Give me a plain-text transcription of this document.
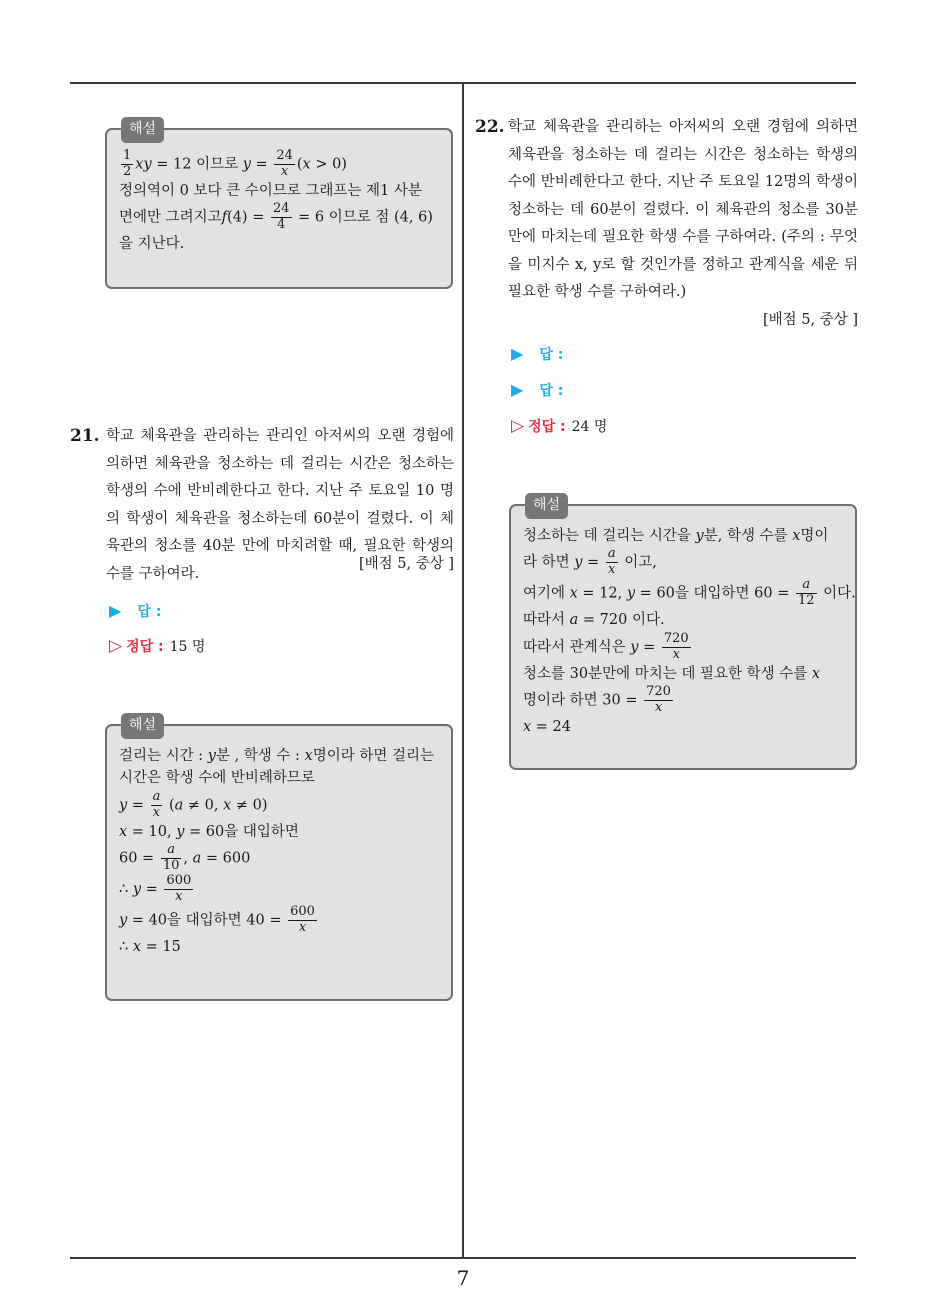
해설
$\frac{1}{2}$ xy = 12 이므로 $y = \frac{24}{x} (x > 0)$
정의역이 0 보다 큰 수이므로 그래프는 제1 사분
면에만 그려지고$f(4) = \frac{24}{4} = 6$ 이므로 점 (4, 6)
을 지난다.
21. 학교 체육관을 관리하는 관리인 아저씨의 오랜 경험에 의하면 체육관을 청소하는 데 걸리는 시간은 청소하는 학생의 수에 반비례한다고 한다. 지난 주 토요일 10 명의 학생이 체육관을 청소하는데 60분이 걸렸다. 이 체육관의 청소를 40분 만에 마치려할 때, 필요한 학생의 수를 구하여라.
▶ 답 :
▷ 정답 : 15 명
해설
걸리는 시간 : y분 , 학생 수 : x명이라 하면 걸리는
시간은 학생 수에 반비례하므로
$y = \frac{a}{x} (a \ne 0$, x ≠ 0)
x = 10, y = 60을 대입하면
$60 = \frac{a}{10}$ , a = 600
∴ $y = \frac{600}{x}$
y = 40을 대입하면 $40 = \frac{600}{x}$
∴ x = 15
22. 학교 체육관을 관리하는 아저씨의 오랜 경험에 의하면 체육관을 청소하는 데 걸리는 시간은 청소하는 학생의 수에 반비례한다고 한다. 지난 주 토요일 12명의 학생이 청소하는 데 60분이 걸렸다. 이 체육관의 청소를 30분만에 마치는데 필요한 학생 수를 구하여라. (주의 : 무엇을 미지수 x, y로 할 것인가를 정하고 관계식을 세운 뒤 필요한 학생 수를 구하여라.)
[배점 5, 중상 ]
▶ 답 :
▶ 답 :
▷ 정답 : 24 명
해설
청소하는 데 걸리는 시간을 y분, 학생 수를 x명이
라 하면 $y = \frac{a}{x}$ 이고,
여기에 x = 12, y = 60을 대입하면 $60 = \frac{a}{12}$ 이다.
따라서 a = 720 이다.
따라서 관계식은 $y = \frac{720}{x}$
청소를 30분만에 마치는 데 필요한 학생 수를 x
명이라 하면 $30 = \frac{720}{x}$
x = 24
[배점 5, 중상 ]
7
